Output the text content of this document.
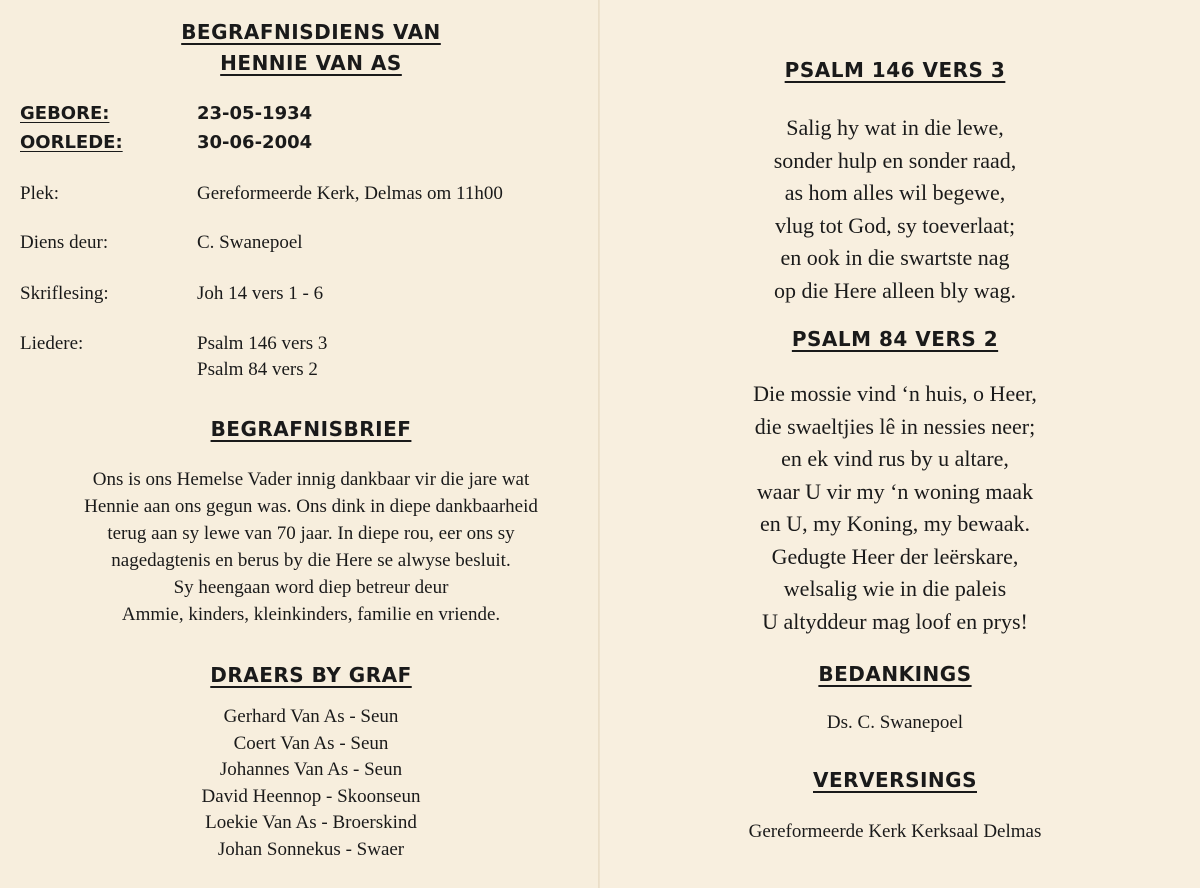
BEGRAFNISDIENS VAN
HENNIE VAN AS
GEBORE:	23-05-1934
OORLEDE:	30-06-2004
Plek:	Gereformeerde Kerk, Delmas om 11h00
Diens deur:	C. Swanepoel
Skriflesing:	Joh 14 vers 1 - 6
Liedere:	Psalm 146 vers 3
Psalm 84 vers 2
BEGRAFNISBRIEF
Ons is ons Hemelse Vader innig dankbaar vir die jare wat
Hennie aan ons gegun was. Ons dink in diepe dankbaarheid
terug aan sy lewe van 70 jaar. In diepe rou, eer ons sy
nagedagtenis en berus by die Here se alwyse besluit.
Sy heengaan word diep betreur deur
Ammie, kinders, kleinkinders, familie en vriende.
DRAERS BY GRAF
Gerhard Van As - Seun
Coert Van As - Seun
Johannes Van As - Seun
David Heennop - Skoonseun
Loekie Van As - Broerskind
Johan Sonnekus - Swaer
PSALM 146 VERS 3
Salig hy wat in die lewe,
sonder hulp en sonder raad,
as hom alles wil begewe,
vlug tot God, sy toeverlaat;
en ook in die swartste nag
op die Here alleen bly wag.
PSALM 84 VERS 2
Die mossie vind ‘n huis, o Heer,
die swaeltjies lê in nessies neer;
en ek vind rus by u altare,
waar U vir my ‘n woning maak
en U, my Koning, my bewaak.
Gedugte Heer der leërskare,
welsalig wie in die paleis
U altyddeur mag loof en prys!
BEDANKINGS
Ds. C. Swanepoel
VERVERSINGS
Gereformeerde Kerk Kerksaal Delmas
